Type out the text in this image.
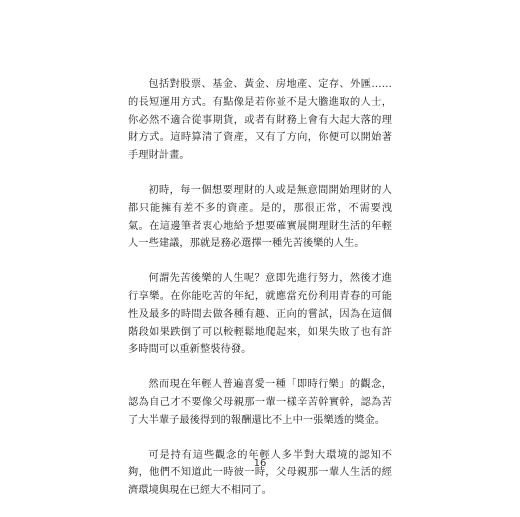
包括對股票、基金、黃金、房地產、定存、外匯……的長短運用方式。有點像是若你並不是大膽進取的人士，你必然不適合從事期貨，或者有財務上會有大起大落的理財方式。這時算清了資產，又有了方向，你便可以開始著手理財計畫。

初時，每一個想要理財的人或是無意間開始理財的人都只能擁有差不多的資產。是的，那很正常，不需要洩氣。在這邊筆者衷心地給予想要確實展開理財生活的年輕人一些建議，那就是務必選擇一種先苦後樂的人生。

何謂先苦後樂的人生呢？意即先進行努力，然後才進行享樂。在你能吃苦的年紀，就應當充份利用青春的可能性及最多的時間去做各種有趣、正向的嘗試，因為在這個階段如果跌倒了可以較輕鬆地爬起來，如果失敗了也有許多時間可以重新整裝待發。

然而現在年輕人普遍喜愛一種「即時行樂」的觀念，認為自己才不要像父母親那一輩一樣辛苦幹實幹，認為苦了大半輩子最後得到的報酬還比不上中一張樂透的獎金。

可是持有這些觀念的年輕人多半對大環境的認知不夠，他們不知道此一時彼一時，父母親那一輩人生活的經濟環境與現在已經大不相同了。

16
